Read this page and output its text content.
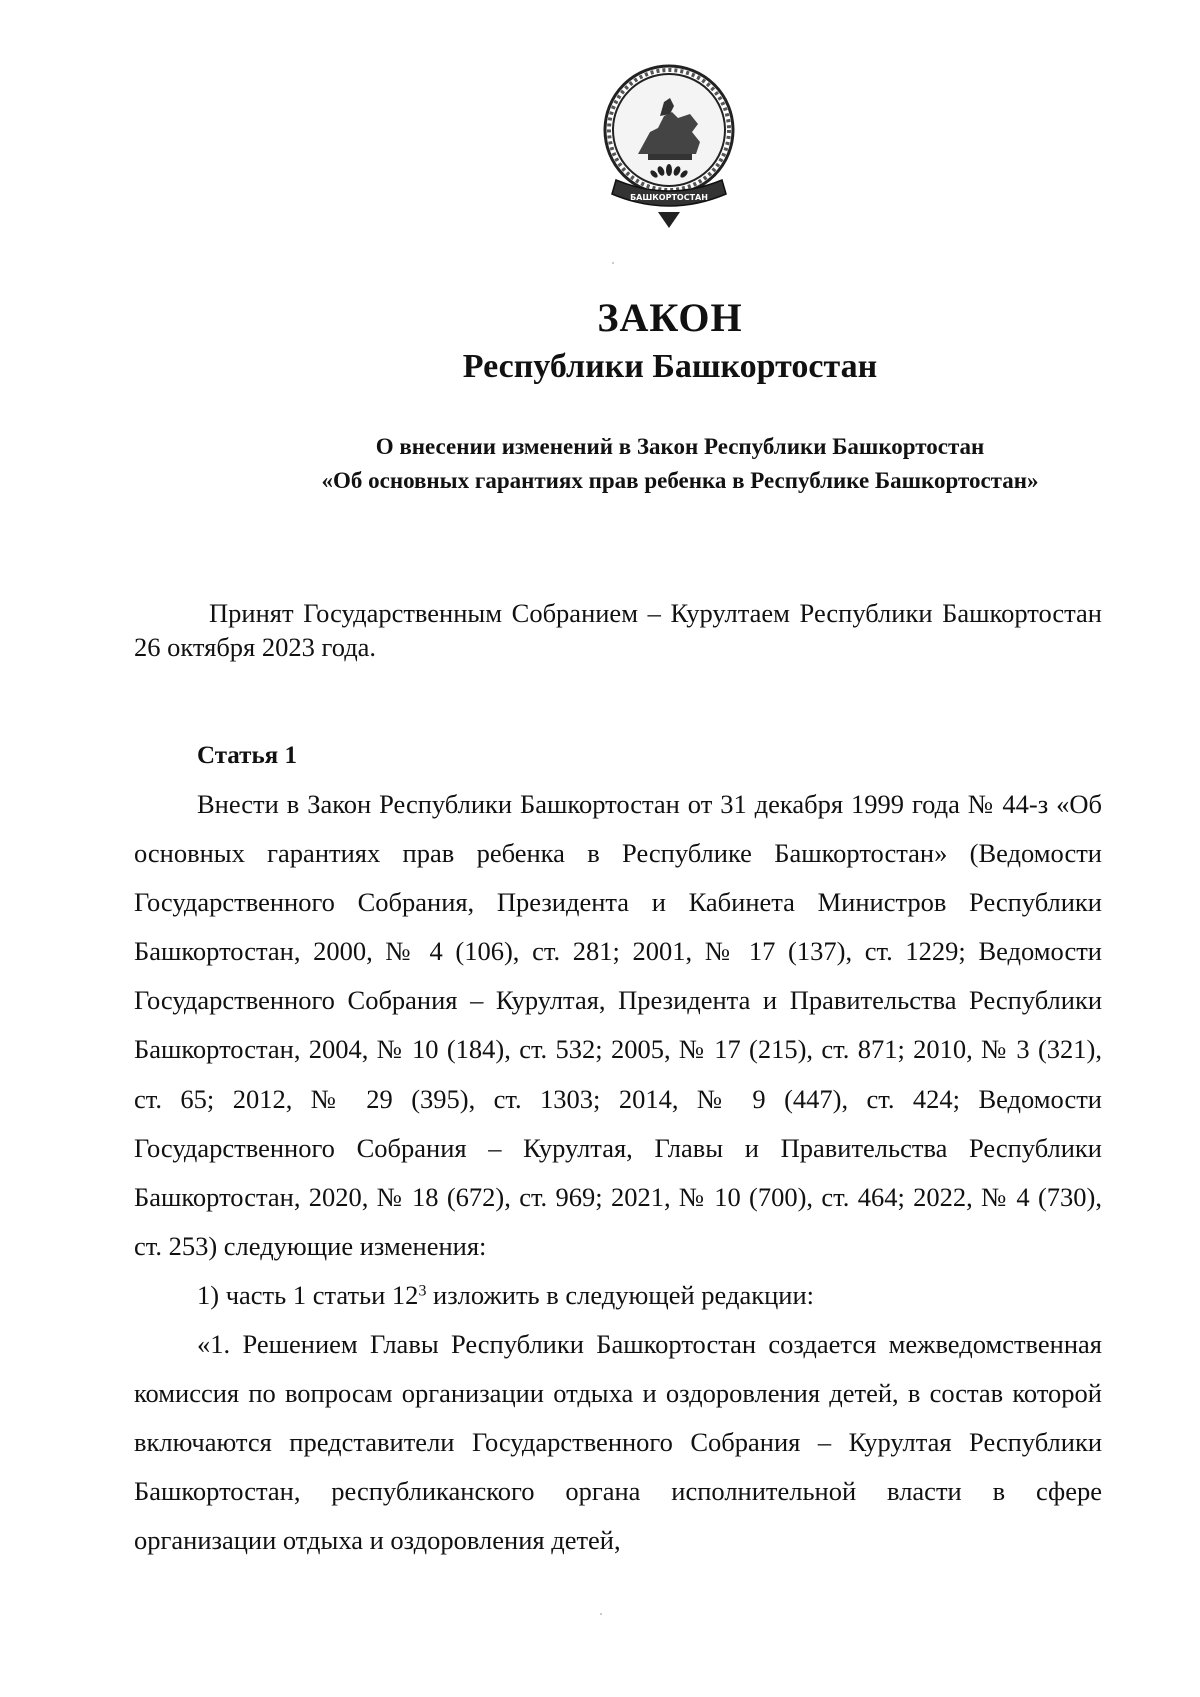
БАШКОРТОСТАН
ЗАКОН
Республики Башкортостан
О внесении изменений в Закон Республики Башкортостан
«Об основных гарантиях прав ребенка в Республике Башкортостан»
Принят Государственным Собранием – Курултаем Республики Башкортостан 26 октября 2023 года.
Статья 1

Внести в Закон Республики Башкортостан от 31 декабря 1999 года № 44-з «Об основных гарантиях прав ребенка в Республике Башкортостан» (Ведомости Государственного Собрания, Президента и Кабинета Министров Республики Башкортостан, 2000, № 4 (106), ст. 281; 2001, № 17 (137), ст. 1229; Ведомости Государственного Собрания – Курултая, Президента и Правительства Республики Башкортостан, 2004, № 10 (184), ст. 532; 2005, № 17 (215), ст. 871; 2010, № 3 (321), ст. 65; 2012, № 29 (395), ст. 1303; 2014, № 9 (447), ст. 424; Ведомости Государственного Собрания – Курултая, Главы и Правительства Республики Башкортостан, 2020, № 18 (672), ст. 969; 2021, № 10 (700), ст. 464; 2022, № 4 (730), ст. 253) следующие изменения:

1) часть 1 статьи $12^3$ изложить в следующей редакции:

«1. Решением Главы Республики Башкортостан создается межведомственная комиссия по вопросам организации отдыха и оздоровления детей, в состав которой включаются представители Государственного Собрания – Курултая Республики Башкортостан, республиканского органа исполнительной власти в сфере организации отдыха и оздоровления детей,
